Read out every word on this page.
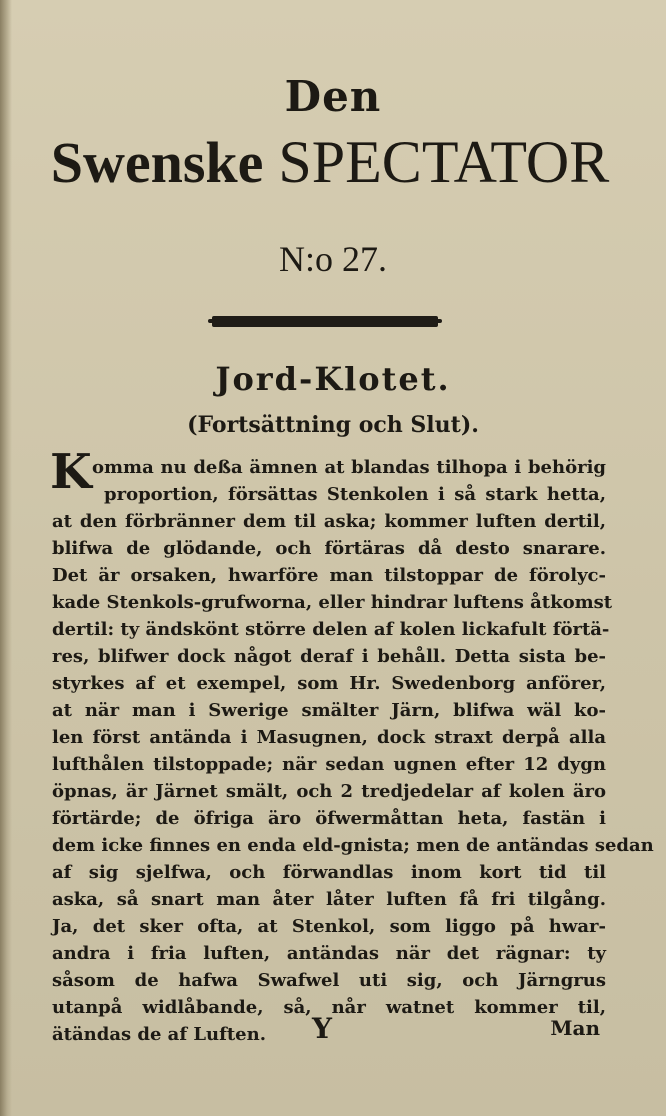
Den
Swenske SPECTATOR
N:o 27.
Jord-Klotet.
(Fortsättning och Slut).
K omma nu deßa ämnen at blandas tilhopa i behörig
proportion, försättas Stenkolen i så stark hetta,
at den förbränner dem til aska; kommer luften dertil,
blifwa de glödande, och förtäras då desto snarare.
Det är orsaken, hwarföre man tilstoppar de förolyc-
kade Stenkols-grufworna, eller hindrar luftens åtkomst
dertil: ty ändskönt större delen af kolen lickafult förtä-
res, blifwer dock något deraf i behåll. Detta sista be-
styrkes af et exempel, som Hr. Swedenborg anförer,
at när man i Swerige smälter Järn, blifwa wäl ko-
len först antända i Masugnen, dock straxt derpå alla
lufthålen tilstoppade; när sedan ugnen efter 12 dygn
öpnas, är Järnet smält, och 2 tredjedelar af kolen äro
förtärde; de öfriga äro öfwermåttan heta, fastän i
dem icke finnes en enda eld-gnista; men de antändas sedan
af sig sjelfwa, och förwandlas inom kort tid til
aska, så snart man åter låter luften få fri tilgång.
Ja, det sker ofta, at Stenkol, som liggo på hwar-
andra i fria luften, antändas när det rägnar: ty
såsom de hafwa Swafwel uti sig, och Järngrus
utanpå widlåbande, så, når watnet kommer til,
ätändas de af Luften.	Y	Man
